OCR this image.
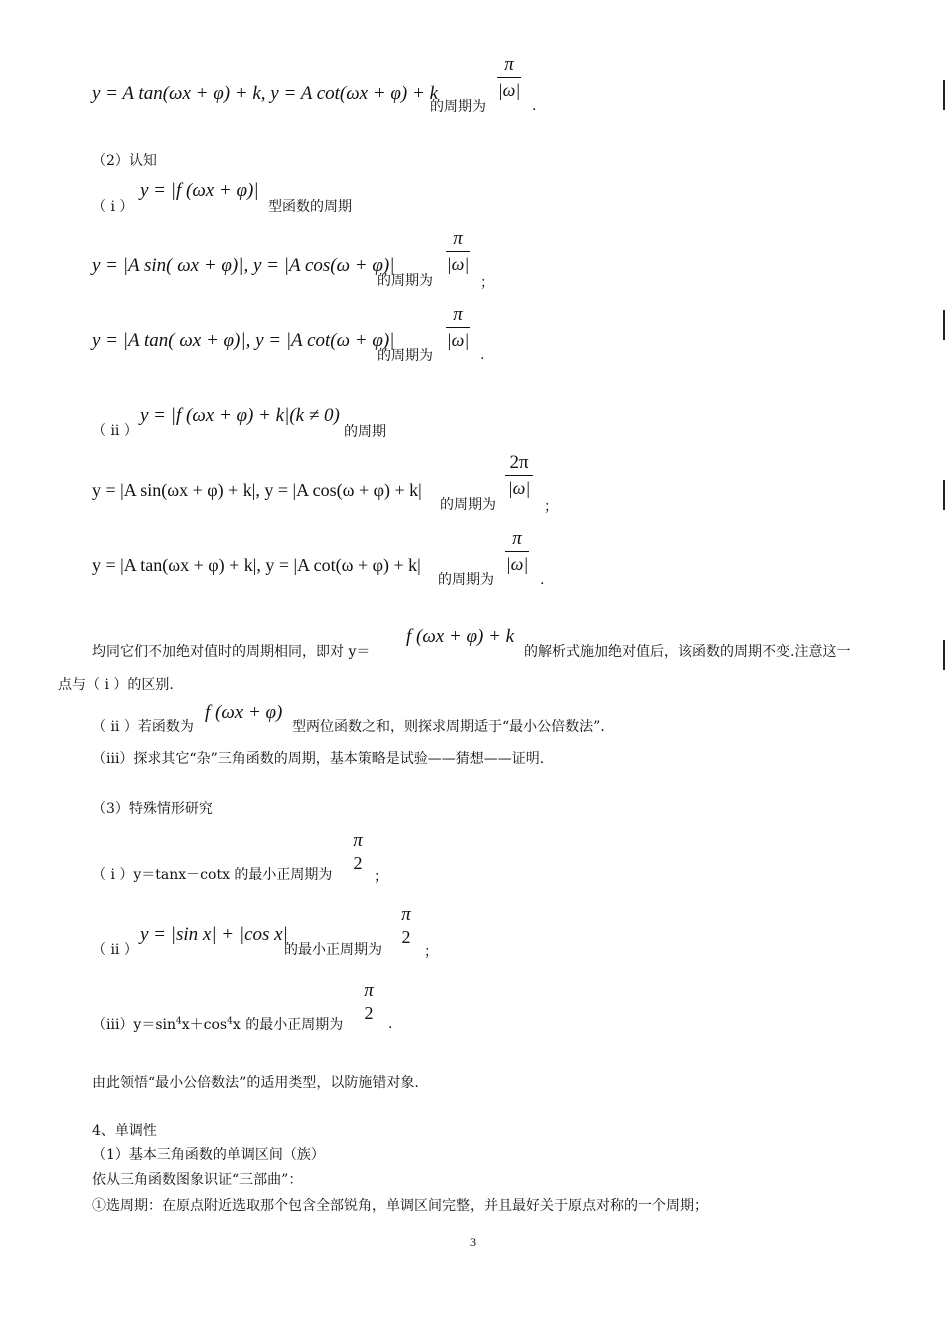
y = A tan(ωx + φ) + k, y = A cot(ωx + φ) + k
的周期为
π
|ω|
.
（2）认知
（ i ）
y = |f (ωx + φ)|
型函数的周期
y = |A sin( ωx + φ)|, y = |A cos(ω + φ)|
的周期为
π
|ω|
；
y = |A tan( ωx + φ)|, y = |A cot(ω + φ)|
的周期为
π
|ω|
.
（ ii ）
y = |f (ωx + φ) + k|(k ≠ 0)
的周期
y = |A sin(ωx + φ) + k|, y = |A cos(ω + φ) + k|
的周期为
2π
|ω|
；
y = |A tan(ωx + φ) + k|, y = |A cot(ω + φ) + k|
的周期为
π
|ω|
.
均同它们不加绝对值时的周期相同，即对 y＝
f (ωx + φ) + k
的解析式施加绝对值后，该函数的周期不变.注意这一
点与（ i ）的区别.
（ ii ）若函数为
f (ωx + φ)
型两位函数之和，则探求周期适于“最小公倍数法”.
（iii）探求其它“杂”三角函数的周期，基本策略是试验——猜想——证明.
（3）特殊情形研究
（ i ）y＝tanx－cotx 的最小正周期为
π
2
；
（ ii ）
y = |sin x| + |cos x|
的最小正周期为
π
2
；
$(iii)y=\sin^4x+\cos^4x$ 的最小正周期为
π
2
.
由此领悟“最小公倍数法”的适用类型，以防施错对象.
4、单调性
（1）基本三角函数的单调区间（族）
依从三角函数图象识证“三部曲”：
①选周期：在原点附近选取那个包含全部锐角，单调区间完整，并且最好关于原点对称的一个周期；
3
